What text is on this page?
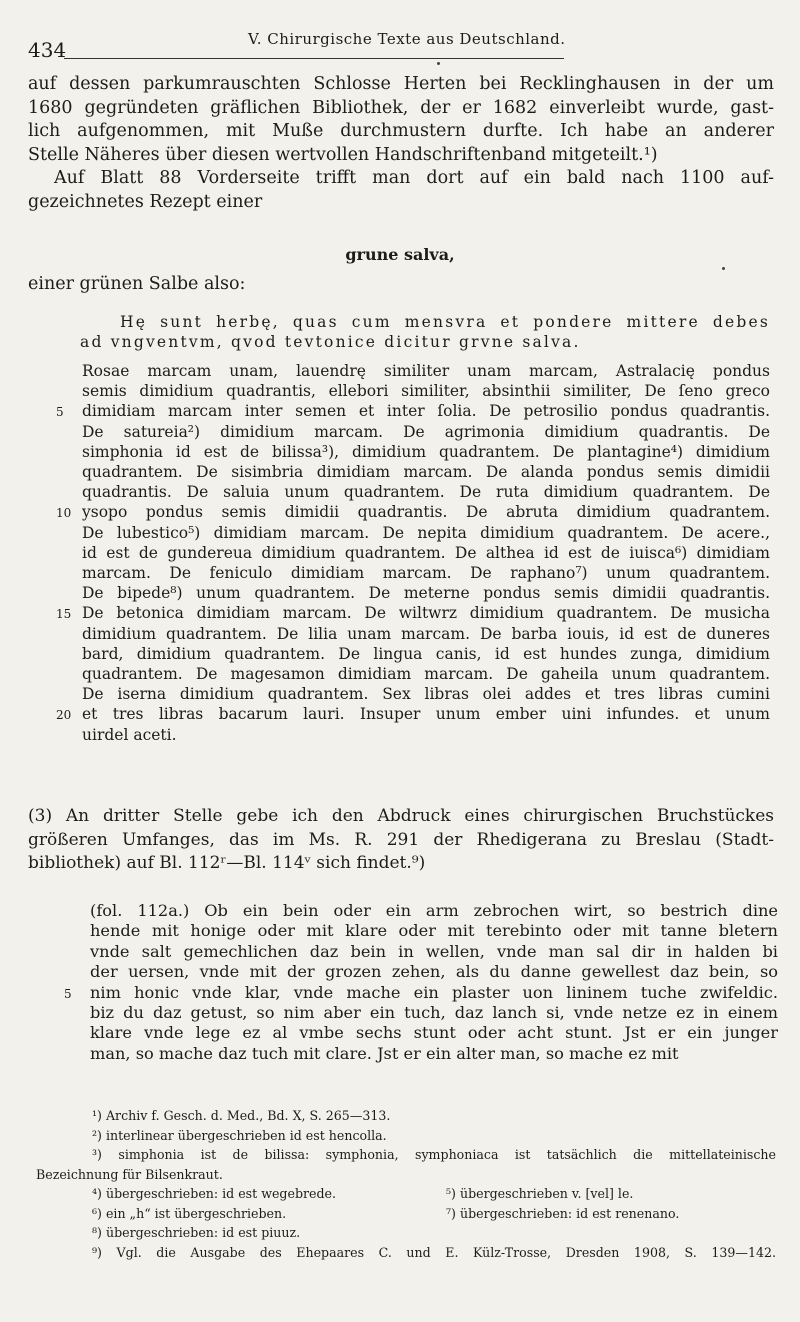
434	V. Chirurgische Texte aus Deutschland.
auf dessen parkumrauschten Schlosse Herten bei Recklinghausen in der um
1680 gegründeten gräflichen Bibliothek, der er 1682 einverleibt wurde, gast-
lich aufgenommen, mit Muße durchmustern durfte. Ich habe an anderer
Stelle Näheres über diesen wertvollen Handschriftenband mitgeteilt.¹)
Auf Blatt 88 Vorderseite trifft man dort auf ein bald nach 1100 auf-
gezeichnetes Rezept einer
grune salva,
einer grünen Salbe also:
Hę sunt herbę, quas cum mensvra et pondere mittere debes
ad vngventvm, qvod tevtonice dicitur grvne salva.
Rosae marcam unam, lauendrę similiter unam marcam, Astralacię pondus
semis dimidium quadrantis, ellebori similiter, absinthii similiter, De ſeno greco
5 dimidiam marcam inter semen et inter ſolia. De petrosilio pondus quadrantis.
De satureia²) dimidium marcam. De agrimonia dimidium quadrantis. De
simphonia id est de bilissa³), dimidium quadrantem. De plantagine⁴) dimidium
quadrantem. De sisimbria dimidiam marcam. De alanda pondus semis dimidii
quadrantis. De saluia unum quadrantem. De ruta dimidium quadrantem. De
10 ysopo pondus semis dimidii quadrantis. De abruta dimidium quadrantem.
De lubestico⁵) dimidiam marcam. De nepita dimidium quadrantem. De acere.,
id est de gundereua dimidium quadrantem. De althea id est de iuisca⁶) dimidiam
marcam. De feniculo dimidiam marcam. De raphano⁷) unum quadrantem.
De bipede⁸) unum quadrantem. De meterne pondus semis dimidii quadrantis.
15 De betonica dimidiam marcam. De wiltwrz dimidium quadrantem. De musicha
dimidium quadrantem. De lilia unam marcam. De barba iouis, id est de duneres
bard, dimidium quadrantem. De lingua canis, id est hundes zunga, dimidium
quadrantem. De magesamon dimidiam marcam. De gaheila unum quadrantem.
De iserna dimidium quadrantem. Sex libras olei addes et tres libras cumini
20 et tres libras bacarum lauri. Insuper unum ember uini infundes. et unum
uirdel aceti.
(3) An dritter Stelle gebe ich den Abdruck eines chirurgischen Bruchstückes
größeren Umfanges, das im Ms. R. 291 der Rhedigerana zu Breslau (Stadt-
bibliothek) auf Bl. 112ʳ—Bl. 114ᵛ sich findet.⁹)
(fol. 112a.) Ob ein bein oder ein arm zebrochen wirt, so bestrich dine
hende mit honige oder mit klare oder mit terebinto oder mit tanne bletern
vnde salt gemechlichen daz bein in wellen, vnde man sal dir in halden bi
der uersen, vnde mit der grozen zehen, als du danne gewellest daz bein, so
5 nim honic vnde klar, vnde mache ein plaster uon lininem tuche zwifeldic.
biz du daz getust, so nim aber ein tuch, daz lanch si, vnde netze ez in einem
klare vnde lege ez al vmbe sechs stunt oder acht stunt. Jst er ein junger
man, so mache daz tuch mit clare. Jst er ein alter man, so mache ez mit
¹) Archiv f. Gesch. d. Med., Bd. X, S. 265—313.
²) interlinear übergeschrieben id est hencolla.
³) simphonia ist de bilissa: symphonia, symphoniaca ist tatsächlich die mittellateinische
Bezeichnung für Bilsenkraut.
⁴) übergeschrieben: id est wegebrede.	⁵) übergeschrieben v. [vel] le.
⁶) ein „h“ ist übergeschrieben.	⁷) übergeschrieben: id est renenano.
⁸) übergeschrieben: id est piuuz.
⁹) Vgl. die Ausgabe des Ehepaares C. und E. Külz-Trosse, Dresden 1908, S. 139—142.
